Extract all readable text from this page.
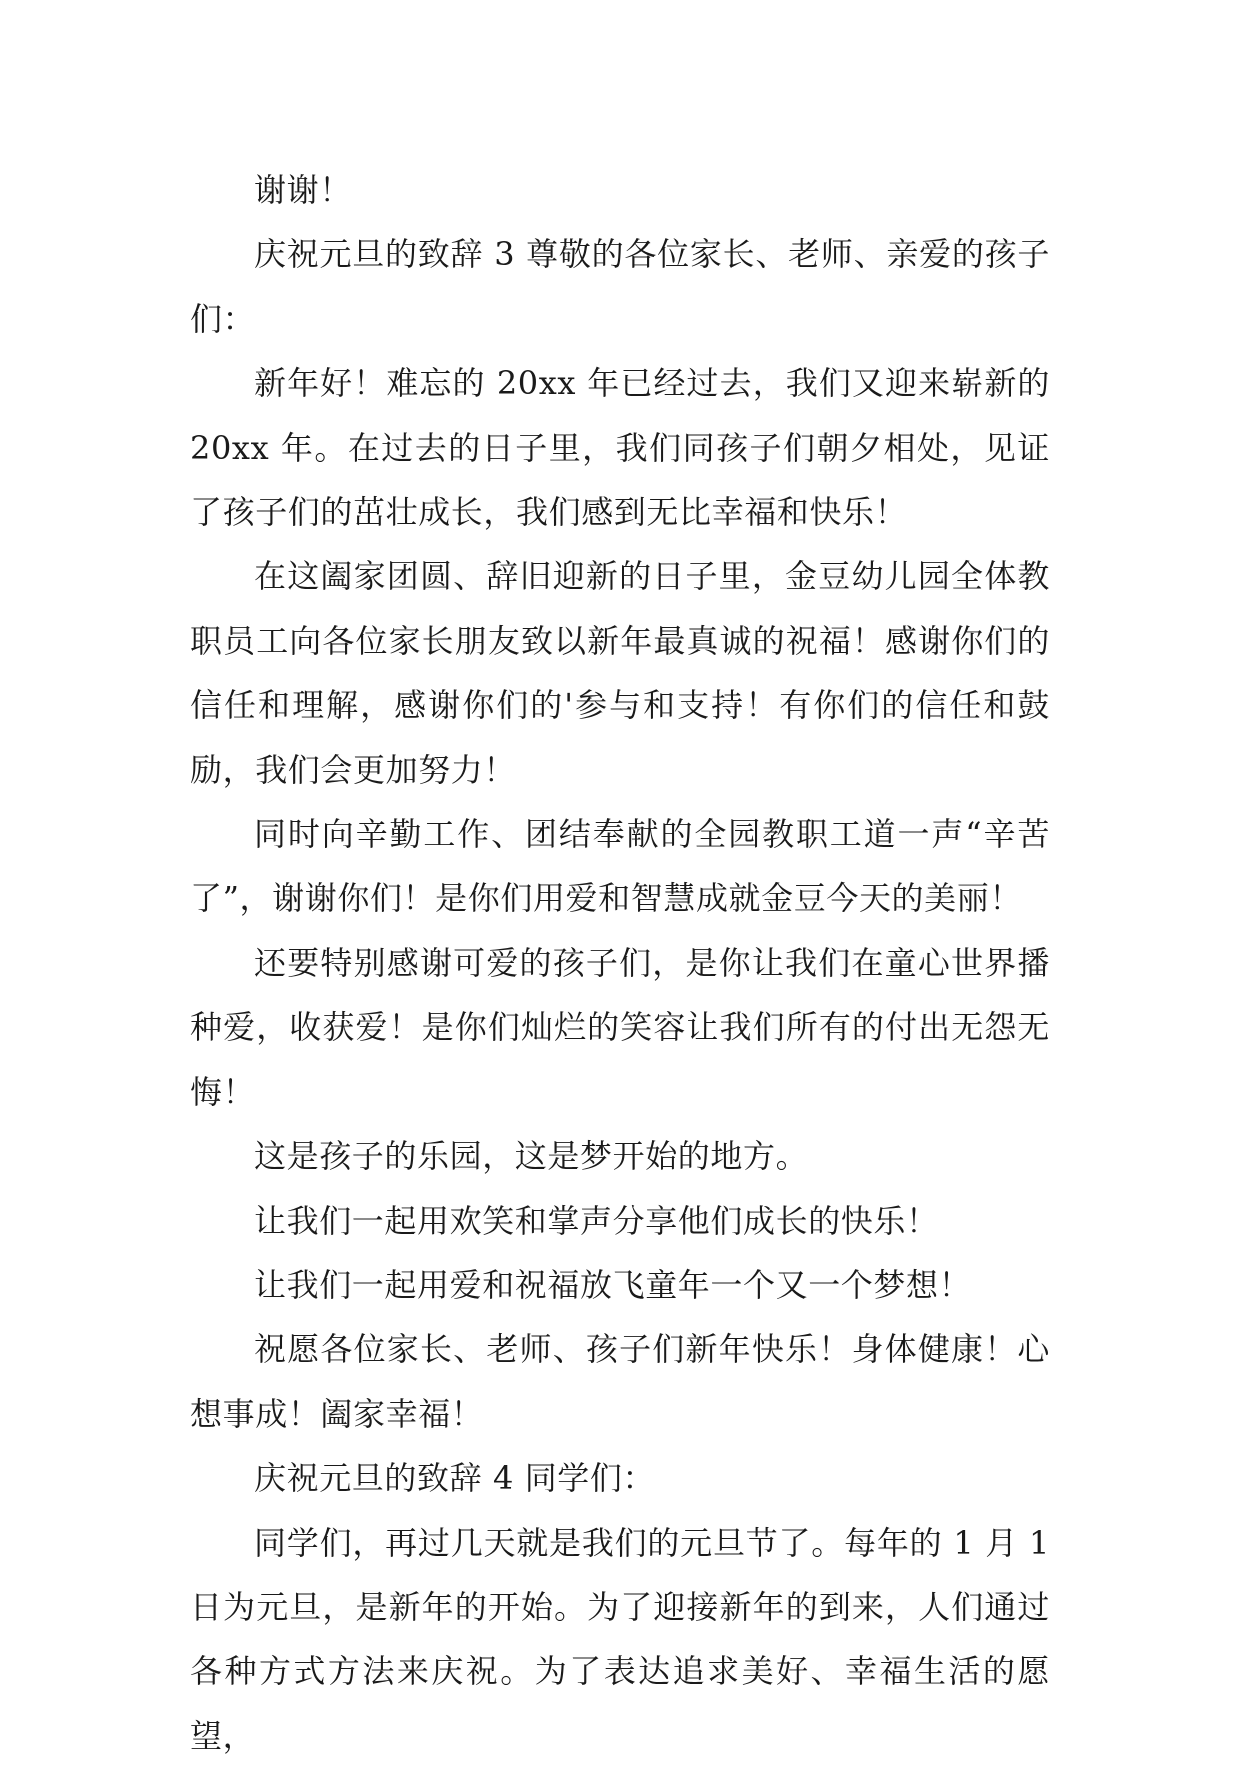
谢谢！

庆祝元旦的致辞 3 尊敬的各位家长、老师、亲爱的孩子们：

新年好！难忘的 20xx 年已经过去，我们又迎来崭新的 20xx 年。在过去的日子里，我们同孩子们朝夕相处，见证了孩子们的茁壮成长，我们感到无比幸福和快乐！

在这阖家团圆、辞旧迎新的日子里，金豆幼儿园全体教职员工向各位家长朋友致以新年最真诚的祝福！感谢你们的信任和理解，感谢你们的'参与和支持！有你们的信任和鼓励，我们会更加努力！

同时向辛勤工作、团结奉献的全园教职工道一声“辛苦了”，谢谢你们！是你们用爱和智慧成就金豆今天的美丽！

还要特别感谢可爱的孩子们，是你让我们在童心世界播种爱，收获爱！是你们灿烂的笑容让我们所有的付出无怨无悔！

这是孩子的乐园，这是梦开始的地方。

让我们一起用欢笑和掌声分享他们成长的快乐！

让我们一起用爱和祝福放飞童年一个又一个梦想！

祝愿各位家长、老师、孩子们新年快乐！身体健康！心想事成！阖家幸福！

庆祝元旦的致辞 4 同学们：

同学们，再过几天就是我们的元旦节了。每年的 1 月 1 日为元旦，是新年的开始。为了迎接新年的到来，人们通过各种方式方法来庆祝。为了表达追求美好、幸福生活的愿望，
